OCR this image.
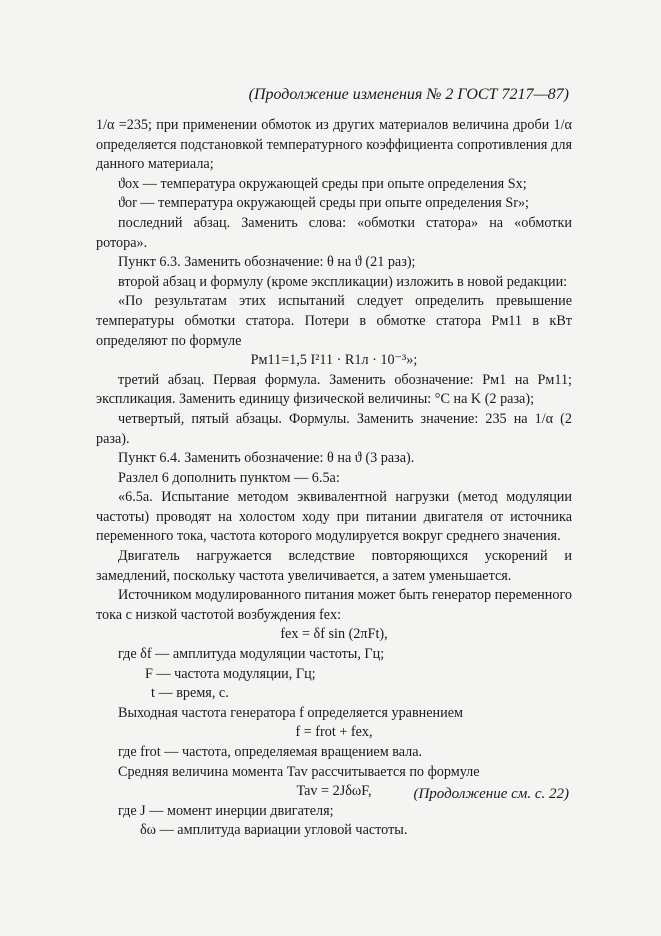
(Продолжение изменения № 2 ГОСТ 7217—87)

1/α =235; при применении обмоток из других материалов величина дроби 1/α определяется подстановкой температурного коэффициента сопротивления для данного материала;

ϑox — температура окружающей среды при опыте определения Sx;

ϑor — температура окружающей среды при опыте определения Sr»;

последний абзац. Заменить слова: «обмотки статора» на «обмотки ротора».

Пункт 6.3. Заменить обозначение: θ на ϑ (21 раз);

второй абзац и формулу (кроме экспликации) изложить в новой редакции:

«По результатам этих испытаний следует определить превышение температуры обмотки статора. Потери в обмотке статора Pм11 в кВт определяют по формуле

Pм11=1,5 I²11 · R1л · 10⁻³»;

третий абзац. Первая формула. Заменить обозначение: Pм1 на Pм11; экспликация. Заменить единицу физической величины: °С на K (2 раза);

четвертый, пятый абзацы. Формулы. Заменить значение: 235 на 1/α (2 раза).

Пункт 6.4. Заменить обозначение: θ на ϑ (3 раза).

Разлел 6 дополнить пунктом — 6.5а:

«6.5а. Испытание методом эквивалентной нагрузки (метод модуляции частоты) проводят на холостом ходу при питании двигателя от источника переменного тока, частота которого модулируется вокруг среднего значения.

Двигатель нагружается вследствие повторяющихся ускорений и замедлений, поскольку частота увеличивается, а затем уменьшается.

Источником модулированного питания может быть генератор переменного тока с низкой частотой возбуждения fex:

fex = δf sin (2πFt),

где δf — амплитуда модуляции частоты, Гц;

F — частота модуляции, Гц;

t — время, с.

Выходная частота генератора f определяется уравнением

f = frot + fex,

где frot — частота, определяемая вращением вала.

Средняя величина момента Tav рассчитывается по формуле

Tav = 2JδωF,

где J — момент инерции двигателя;

δω — амплитуда вариации угловой частоты.

(Продолжение см. с. 22)
